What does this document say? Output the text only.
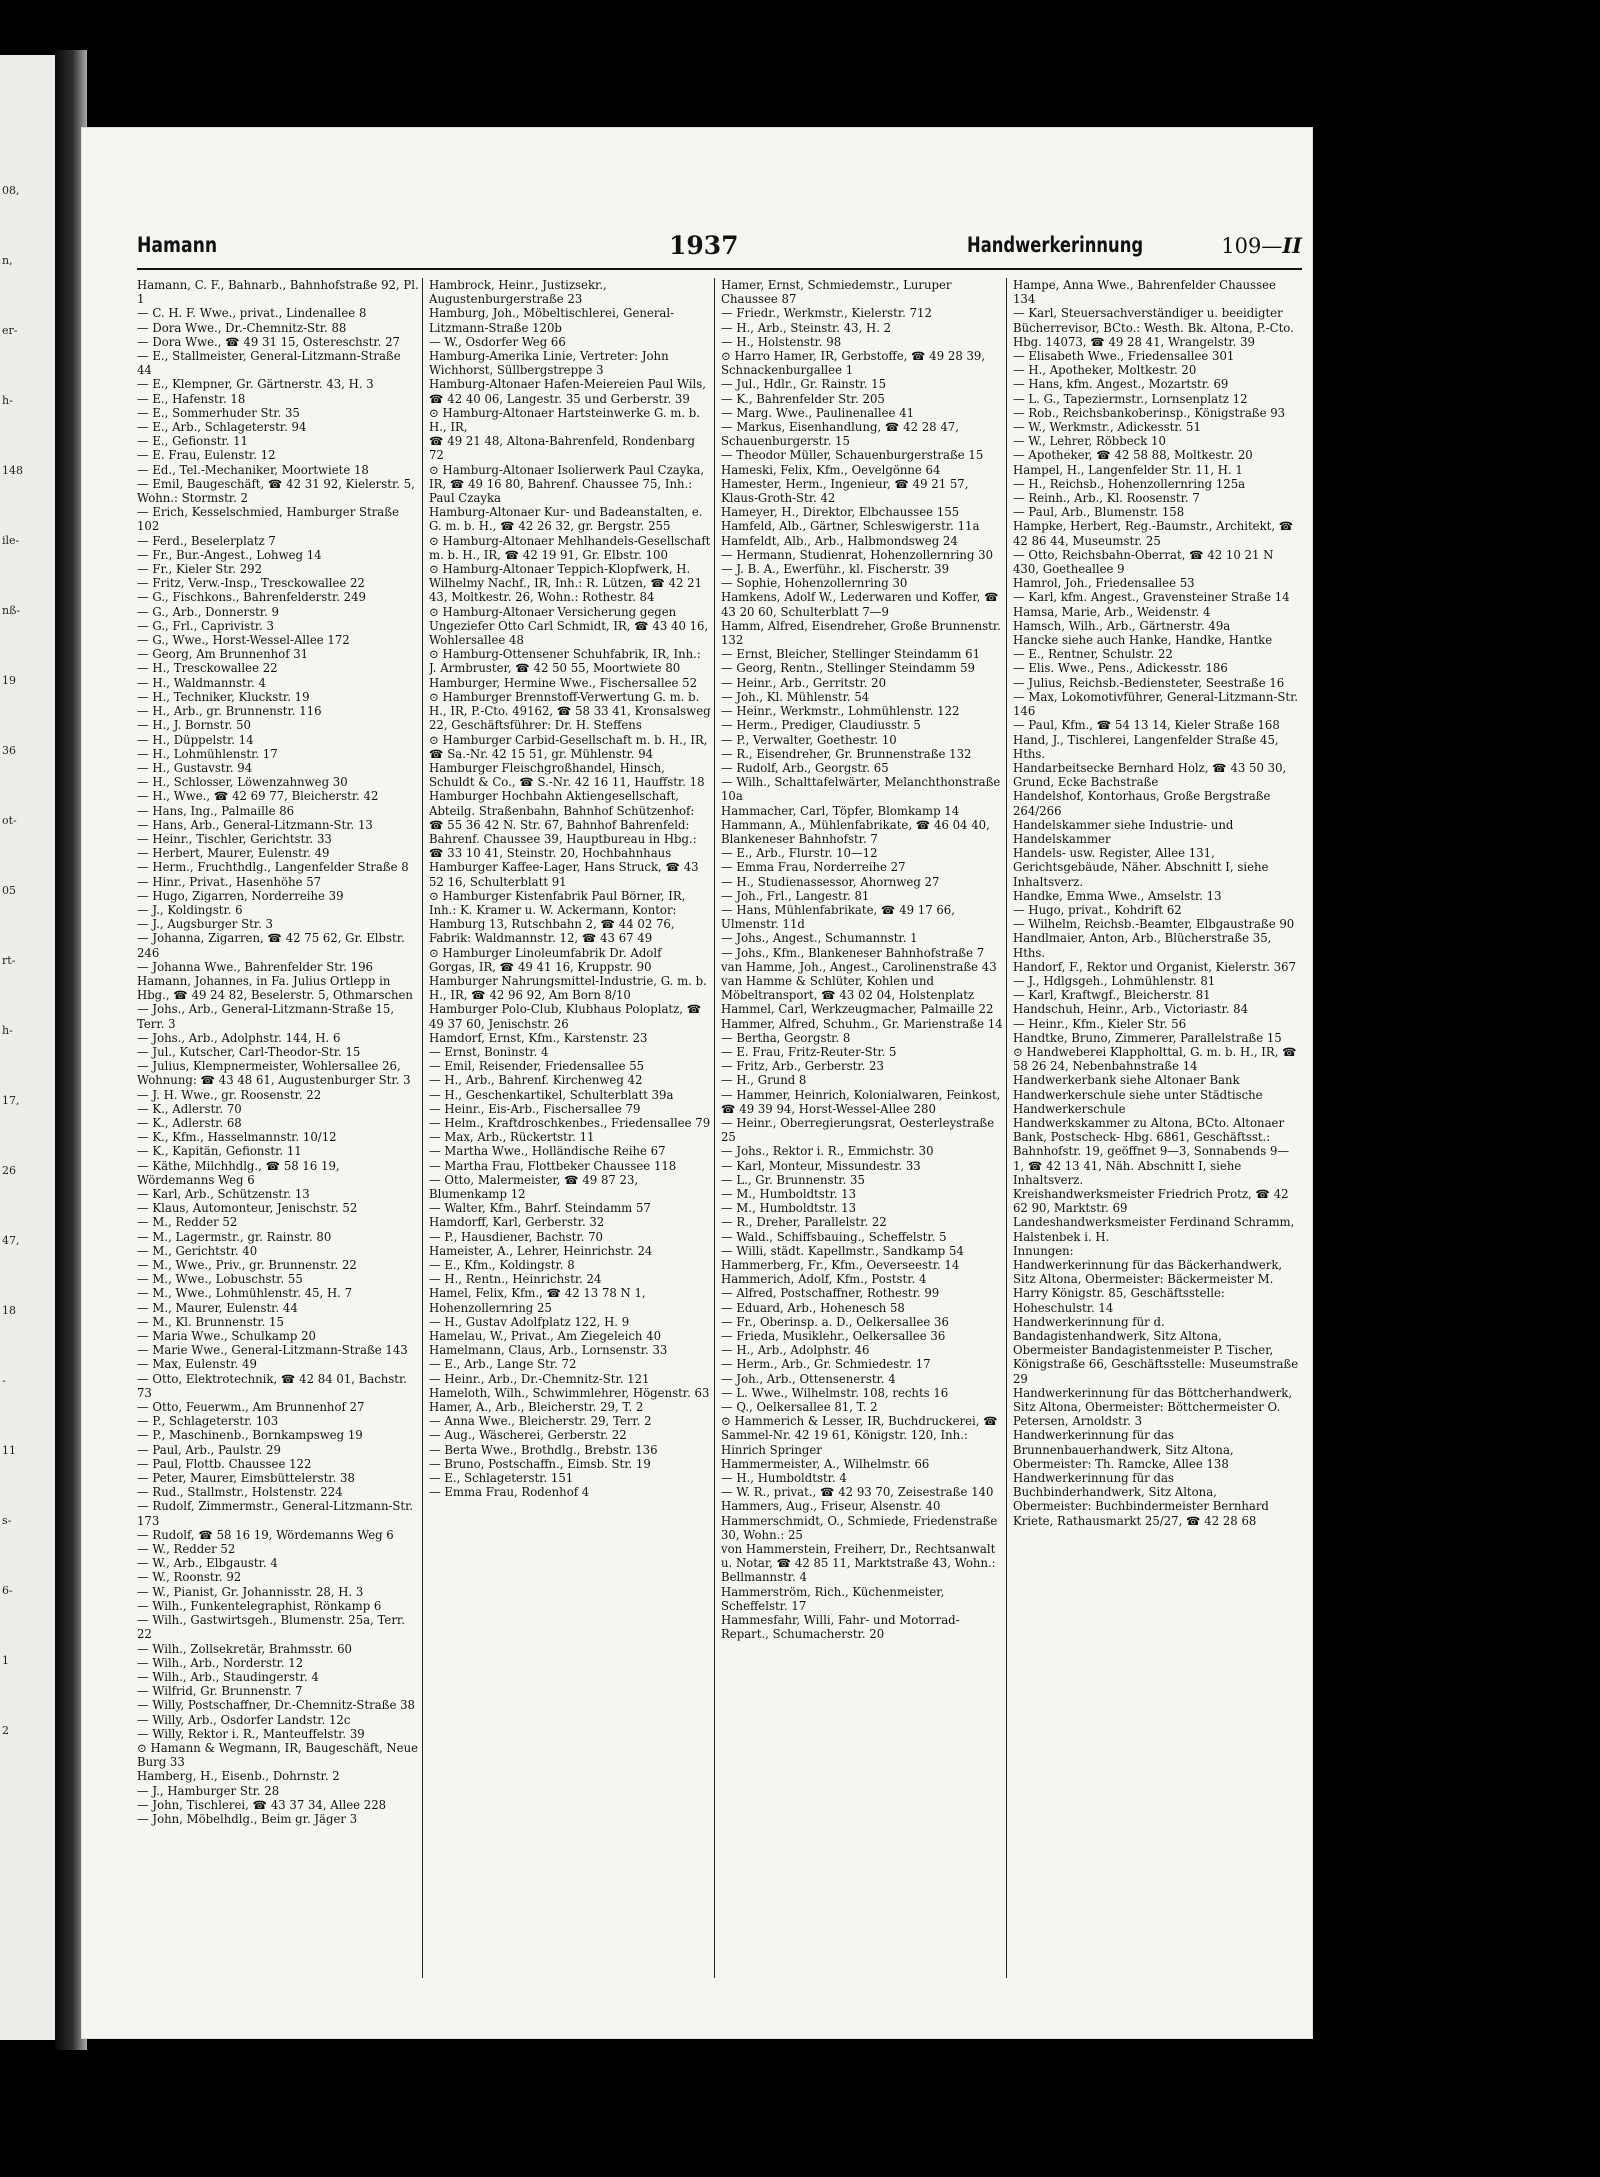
08,
n,
er-
h-
148
ile-
nß-
19
36
ot-
05
rt-
h-
17,
26
47,
18
-
11
s-
6-
1
2
Hamann	1937	Handwerkerinnung	109—II

Hamann, C. F., Bahnarb., Bahnhofstraße 92, Pl. 1

— C. H. F. Wwe., privat., Lindenallee 8

— Dora Wwe., Dr.-Chemnitz-Str. 88

— Dora Wwe., ☎ 49 31 15, Ostereschstr. 27

— E., Stallmeister, General-Litzmann-Straße 44

— E., Klempner, Gr. Gärtnerstr. 43, H. 3

— E., Hafenstr. 18

— E., Sommerhuder Str. 35

— E., Arb., Schlageterstr. 94

— E., Gefionstr. 11

— E. Frau, Eulenstr. 12

— Ed., Tel.-Mechaniker, Moortwiete 18

— Emil, Baugeschäft, ☎ 42 31 92, Kielerstr. 5, Wohn.: Stormstr. 2

— Erich, Kesselschmied, Hamburger Straße 102

— Ferd., Beselerplatz 7

— Fr., Bur.-Angest., Lohweg 14

— Fr., Kieler Str. 292

— Fritz, Verw.-Insp., Tresckowallee 22

— G., Fischkons., Bahrenfelderstr. 249

— G., Arb., Donnerstr. 9

— G., Frl., Caprivistr. 3

— G., Wwe., Horst-Wessel-Allee 172

— Georg, Am Brunnenhof 31

— H., Tresckowallee 22

— H., Waldmannstr. 4

— H., Techniker, Kluckstr. 19

— H., Arb., gr. Brunnenstr. 116

— H., J. Bornstr. 50

— H., Düppelstr. 14

— H., Lohmühlenstr. 17

— H., Gustavstr. 94

— H., Schlosser, Löwenzahnweg 30

— H., Wwe., ☎ 42 69 77, Bleicherstr. 42

— Hans, Ing., Palmaille 86

— Hans, Arb., General-Litzmann-Str. 13

— Heinr., Tischler, Gerichtstr. 33

— Herbert, Maurer, Eulenstr. 49

— Herm., Fruchthdlg., Langenfelder Straße 8

— Hinr., Privat., Hasenhöhe 57

— Hugo, Zigarren, Norderreihe 39

— J., Koldingstr. 6

— J., Augsburger Str. 3

— Johanna, Zigarren, ☎ 42 75 62, Gr. Elbstr. 246

— Johanna Wwe., Bahrenfelder Str. 196

Hamann, Johannes, in Fa. Julius Ortlepp in Hbg., ☎ 49 24 82, Beselerstr. 5, Othmarschen

— Johs., Arb., General-Litzmann-Straße 15, Terr. 3

— Johs., Arb., Adolphstr. 144, H. 6

— Jul., Kutscher, Carl-Theodor-Str. 15

— Julius, Klempnermeister, Wohlersallee 26, Wohnung: ☎ 43 48 61, Augustenburger Str. 3

— J. H. Wwe., gr. Roosenstr. 22

— K., Adlerstr. 70

— K., Adlerstr. 68

— K., Kfm., Hasselmannstr. 10/12

— K., Kapitän, Gefionstr. 11

— Käthe, Milchhdlg., ☎ 58 16 19, Wördemanns Weg 6

— Karl, Arb., Schützenstr. 13

— Klaus, Automonteur, Jenischstr. 52

— M., Redder 52

— M., Lagermstr., gr. Rainstr. 80

— M., Gerichtstr. 40

— M., Wwe., Priv., gr. Brunnenstr. 22

— M., Wwe., Lobuschstr. 55

— M., Wwe., Lohmühlenstr. 45, H. 7

— M., Maurer, Eulenstr. 44

— M., Kl. Brunnenstr. 15

— Maria Wwe., Schulkamp 20

— Marie Wwe., General-Litzmann-Straße 143

— Max, Eulenstr. 49

— Otto, Elektrotechnik, ☎ 42 84 01, Bachstr. 73

— Otto, Feuerwm., Am Brunnenhof 27

— P., Schlageterstr. 103

— P., Maschinenb., Bornkampsweg 19

— Paul, Arb., Paulstr. 29

— Paul, Flottb. Chaussee 122

— Peter, Maurer, Eimsbüttelerstr. 38

— Rud., Stallmstr., Holstenstr. 224

— Rudolf, Zimmermstr., General-Litzmann-Str. 173

— Rudolf, ☎ 58 16 19, Wördemanns Weg 6

— W., Redder 52

— W., Arb., Elbgaustr. 4

— W., Roonstr. 92

— W., Pianist, Gr. Johannisstr. 28, H. 3

— Wilh., Funkentelegraphist, Rönkamp 6

— Wilh., Gastwirtsgeh., Blumenstr. 25a, Terr. 22

— Wilh., Zollsekretär, Brahmsstr. 60

— Wilh., Arb., Norderstr. 12

— Wilh., Arb., Staudingerstr. 4

— Wilfrid, Gr. Brunnenstr. 7

— Willy, Postschaffner, Dr.-Chemnitz-Straße 38

— Willy, Arb., Osdorfer Landstr. 12c

— Willy, Rektor i. R., Manteuffelstr. 39

⊙ Hamann & Wegmann, IR, Baugeschäft, Neue Burg 33

Hamberg, H., Eisenb., Dohrnstr. 2

— J., Hamburger Str. 28

— John, Tischlerei, ☎ 43 37 34, Allee 228

— John, Möbelhdlg., Beim gr. Jäger 3

Hambrock, Heinr., Justizsekr., Augustenburgerstraße 23

Hamburg, Joh., Möbeltischlerei, General-Litzmann-Straße 120b

— W., Osdorfer Weg 66

Hamburg-Amerika Linie, Vertreter: John Wichhorst, Süllbergstreppe 3

Hamburg-Altonaer Hafen-Meiereien Paul Wils, ☎ 42 40 06, Langestr. 35 und Gerberstr. 39

⊙ Hamburg-Altonaer Hartsteinwerke G. m. b. H., IR,

☎ 49 21 48, Altona-Bahrenfeld, Rondenbarg 72

⊙ Hamburg-Altonaer Isolierwerk Paul Czayka, IR, ☎ 49 16 80, Bahrenf. Chaussee 75, Inh.: Paul Czayka

Hamburg-Altonaer Kur- und Badeanstalten, e. G. m. b. H., ☎ 42 26 32, gr. Bergstr. 255

⊙ Hamburg-Altonaer Mehlhandels-Gesellschaft m. b. H., IR, ☎ 42 19 91, Gr. Elbstr. 100

⊙ Hamburg-Altonaer Teppich-Klopfwerk, H. Wilhelmy Nachf., IR, Inh.: R. Lützen, ☎ 42 21 43, Moltkestr. 26, Wohn.: Rothestr. 84

⊙ Hamburg-Altonaer Versicherung gegen Ungeziefer Otto Carl Schmidt, IR, ☎ 43 40 16, Wohlersallee 48

⊙ Hamburg-Ottensener Schuhfabrik, IR, Inh.: J. Armbruster, ☎ 42 50 55, Moortwiete 80

Hamburger, Hermine Wwe., Fischersallee 52

⊙ Hamburger Brennstoff-Verwertung G. m. b. H., IR, P.-Cto. 49162, ☎ 58 33 41, Kronsalsweg 22, Geschäftsführer: Dr. H. Steffens

⊙ Hamburger Carbid-Gesellschaft m. b. H., IR, ☎ Sa.-Nr. 42 15 51, gr. Mühlenstr. 94

Hamburger Fleischgroßhandel, Hinsch, Schuldt & Co., ☎ S.-Nr. 42 16 11, Hauffstr. 18

Hamburger Hochbahn Aktiengesellschaft, Abteilg. Straßenbahn, Bahnhof Schützenhof: ☎ 55 36 42 N. Str. 67, Bahnhof Bahrenfeld: Bahrenf. Chaussee 39, Hauptbureau in Hbg.: ☎ 33 10 41, Steinstr. 20, Hochbahnhaus

Hamburger Kaffee-Lager, Hans Struck, ☎ 43 52 16, Schulterblatt 91

⊙ Hamburger Kistenfabrik Paul Börner, IR, Inh.: K. Kramer u. W. Ackermann, Kontor: Hamburg 13, Rutschbahn 2, ☎ 44 02 76, Fabrik: Waldmannstr. 12, ☎ 43 67 49

⊙ Hamburger Linoleumfabrik Dr. Adolf Gorgas, IR, ☎ 49 41 16, Kruppstr. 90

Hamburger Nahrungsmittel-Industrie, G. m. b. H., IR, ☎ 42 96 92, Am Born 8/10

Hamburger Polo-Club, Klubhaus Poloplatz, ☎ 49 37 60, Jenischstr. 26

Hamdorf, Ernst, Kfm., Karstenstr. 23

— Ernst, Boninstr. 4

— Emil, Reisender, Friedensallee 55

— H., Arb., Bahrenf. Kirchenweg 42

— H., Geschenkartikel, Schulterblatt 39a

— Heinr., Eis-Arb., Fischersallee 79

— Helm., Kraftdroschkenbes., Friedensallee 79

— Max, Arb., Rückertstr. 11

— Martha Wwe., Holländische Reihe 67

— Martha Frau, Flottbeker Chaussee 118

— Otto, Malermeister, ☎ 49 87 23, Blumenkamp 12

— Walter, Kfm., Bahrf. Steindamm 57

Hamdorff, Karl, Gerberstr. 32

— P., Hausdiener, Bachstr. 70

Hameister, A., Lehrer, Heinrichstr. 24

— E., Kfm., Koldingstr. 8

— H., Rentn., Heinrichstr. 24

Hamel, Felix, Kfm., ☎ 42 13 78 N 1, Hohenzollernring 25

— H., Gustav Adolfplatz 122, H. 9

Hamelau, W., Privat., Am Ziegeleich 40

Hamelmann, Claus, Arb., Lornsenstr. 33

— E., Arb., Lange Str. 72

— Heinr., Arb., Dr.-Chemnitz-Str. 121

Hameloth, Wilh., Schwimmlehrer, Högenstr. 63

Hamer, A., Arb., Bleicherstr. 29, T. 2

— Anna Wwe., Bleicherstr. 29, Terr. 2

— Aug., Wäscherei, Gerberstr. 22

— Berta Wwe., Brothdlg., Brebstr. 136

— Bruno, Postschaffn., Eimsb. Str. 19

— E., Schlageterstr. 151

— Emma Frau, Rodenhof 4

Hamer, Ernst, Schmiedemstr., Luruper Chaussee 87

— Friedr., Werkmstr., Kielerstr. 712

— H., Arb., Steinstr. 43, H. 2

— H., Holstenstr. 98

⊙ Harro Hamer, IR, Gerbstoffe, ☎ 49 28 39, Schnackenburgallee 1

— Jul., Hdlr., Gr. Rainstr. 15

— K., Bahrenfelder Str. 205

— Marg. Wwe., Paulinenallee 41

— Markus, Eisenhandlung, ☎ 42 28 47, Schauenburgerstr. 15

— Theodor Müller, Schauenburgerstraße 15

Hameski, Felix, Kfm., Oevelgönne 64

Hamester, Herm., Ingenieur, ☎ 49 21 57, Klaus-Groth-Str. 42

Hameyer, H., Direktor, Elbchaussee 155

Hamfeld, Alb., Gärtner, Schleswigerstr. 11a

Hamfeldt, Alb., Arb., Halbmondsweg 24

— Hermann, Studienrat, Hohenzollernring 30

— J. B. A., Ewerführ., kl. Fischerstr. 39

— Sophie, Hohenzollernring 30

Hamkens, Adolf W., Lederwaren und Koffer, ☎ 43 20 60, Schulterblatt 7—9

Hamm, Alfred, Eisendreher, Große Brunnenstr. 132

— Ernst, Bleicher, Stellinger Steindamm 61

— Georg, Rentn., Stellinger Steindamm 59

— Heinr., Arb., Gerritstr. 20

— Joh., Kl. Mühlenstr. 54

— Heinr., Werkmstr., Lohmühlenstr. 122

— Herm., Prediger, Claudiusstr. 5

— P., Verwalter, Goethestr. 10

— R., Eisendreher, Gr. Brunnenstraße 132

— Rudolf, Arb., Georgstr. 65

— Wilh., Schalttafelwärter, Melanchthonstraße 10a

Hammacher, Carl, Töpfer, Blomkamp 14

Hammann, A., Mühlenfabrikate, ☎ 46 04 40, Blankeneser Bahnhofstr. 7

— E., Arb., Flurstr. 10—12

— Emma Frau, Norderreihe 27

— H., Studienassessor, Ahornweg 27

— Joh., Frl., Langestr. 81

— Hans, Mühlenfabrikate, ☎ 49 17 66, Ulmenstr. 11d

— Johs., Angest., Schumannstr. 1

— Johs., Kfm., Blankeneser Bahnhofstraße 7

van Hamme, Joh., Angest., Carolinenstraße 43

van Hamme & Schlüter, Kohlen und Möbeltransport, ☎ 43 02 04, Holstenplatz

Hammel, Carl, Werkzeugmacher, Palmaille 22

Hammer, Alfred, Schuhm., Gr. Marienstraße 14

— Bertha, Georgstr. 8

— E. Frau, Fritz-Reuter-Str. 5

— Fritz, Arb., Gerberstr. 23

— H., Grund 8

— Hammer, Heinrich, Kolonialwaren, Feinkost, ☎ 49 39 94, Horst-Wessel-Allee 280

— Heinr., Oberregierungsrat, Oesterleystraße 25

— Johs., Rektor i. R., Emmichstr. 30

— Karl, Monteur, Missundestr. 33

— L., Gr. Brunnenstr. 35

— M., Humboldtstr. 13

— M., Humboldtstr. 13

— R., Dreher, Parallelstr. 22

— Wald., Schiffsbauing., Scheffelstr. 5

— Willi, städt. Kapellmstr., Sandkamp 54

Hammerberg, Fr., Kfm., Oeverseestr. 14

Hammerich, Adolf, Kfm., Poststr. 4

— Alfred, Postschaffner, Rothestr. 99

— Eduard, Arb., Hohenesch 58

— Fr., Oberinsp. a. D., Oelkersallee 36

— Frieda, Musiklehr., Oelkersallee 36

— H., Arb., Adolphstr. 46

— Herm., Arb., Gr. Schmiedestr. 17

— Joh., Arb., Ottensenerstr. 4

— L. Wwe., Wilhelmstr. 108, rechts 16

— Q., Oelkersallee 81, T. 2

⊙ Hammerich & Lesser, IR, Buchdruckerei, ☎ Sammel-Nr. 42 19 61, Königstr. 120, Inh.: Hinrich Springer

Hammermeister, A., Wilhelmstr. 66

— H., Humboldtstr. 4

— W. R., privat., ☎ 42 93 70, Zeisestraße 140

Hammers, Aug., Friseur, Alsenstr. 40

Hammerschmidt, O., Schmiede, Friedenstraße 30, Wohn.: 25

von Hammerstein, Freiherr, Dr., Rechtsanwalt u. Notar, ☎ 42 85 11, Marktstraße 43, Wohn.: Bellmannstr. 4

Hammerström, Rich., Küchenmeister, Scheffelstr. 17

Hammesfahr, Willi, Fahr- und Motorrad-Repart., Schumacherstr. 20

Hampe, Anna Wwe., Bahrenfelder Chaussee 134

— Karl, Steuersachverständiger u. beeidigter Bücherrevisor, BCto.: Westh. Bk. Altona, P.-Cto. Hbg. 14073, ☎ 49 28 41, Wrangelstr. 39

— Elisabeth Wwe., Friedensallee 301

— H., Apotheker, Moltkestr. 20

— Hans, kfm. Angest., Mozartstr. 69

— L. G., Tapeziermstr., Lornsenplatz 12

— Rob., Reichsbankoberinsp., Königstraße 93

— W., Werkmstr., Adickesstr. 51

— W., Lehrer, Röbbeck 10

— Apotheker, ☎ 42 58 88, Moltkestr. 20

Hampel, H., Langenfelder Str. 11, H. 1

— H., Reichsb., Hohenzollernring 125a

— Reinh., Arb., Kl. Roosenstr. 7

— Paul, Arb., Blumenstr. 158

Hampke, Herbert, Reg.-Baumstr., Architekt, ☎ 42 86 44, Museumstr. 25

— Otto, Reichsbahn-Oberrat, ☎ 42 10 21 N 430, Goetheallee 9

Hamrol, Joh., Friedensallee 53

— Karl, kfm. Angest., Gravensteiner Straße 14

Hamsa, Marie, Arb., Weidenstr. 4

Hamsch, Wilh., Arb., Gärtnerstr. 49a

Hancke siehe auch Hanke, Handke, Hantke

— E., Rentner, Schulstr. 22

— Elis. Wwe., Pens., Adickesstr. 186

— Julius, Reichsb.-Bediensteter, Seestraße 16

— Max, Lokomotivführer, General-Litzmann-Str. 146

— Paul, Kfm., ☎ 54 13 14, Kieler Straße 168

Hand, J., Tischlerei, Langenfelder Straße 45, Hths.

Handarbeitsecke Bernhard Holz, ☎ 43 50 30, Grund, Ecke Bachstraße

Handelshof, Kontorhaus, Große Bergstraße 264/266

Handelskammer siehe Industrie- und Handelskammer

Handels- usw. Register, Allee 131, Gerichtsgebäude, Näher. Abschnitt I, siehe Inhaltsverz.

Handke, Emma Wwe., Amselstr. 13

— Hugo, privat., Kohdrift 62

— Wilhelm, Reichsb.-Beamter, Elbgaustraße 90

Handlmaier, Anton, Arb., Blücherstraße 35, Hths.

Handorf, F., Rektor und Organist, Kielerstr. 367

— J., Hdlgsgeh., Lohmühlenstr. 81

— Karl, Kraftwgf., Bleicherstr. 81

Handschuh, Heinr., Arb., Victoriastr. 84

— Heinr., Kfm., Kieler Str. 56

Handtke, Bruno, Zimmerer, Parallelstraße 15

⊙ Handweberei Klappholttal, G. m. b. H., IR, ☎ 58 26 24, Nebenbahnstraße 14

Handwerkerbank siehe Altonaer Bank

Handwerkerschule siehe unter Städtische Handwerkerschule

Handwerkskammer zu Altona, BCto. Altonaer Bank, Postscheck- Hbg. 6861, Geschäftsst.: Bahnhofstr. 19, geöffnet 9—3, Sonnabends 9—1, ☎ 42 13 41, Näh. Abschnitt I, siehe Inhaltsverz.

Kreishandwerksmeister Friedrich Protz, ☎ 42 62 90, Marktstr. 69

Landeshandwerksmeister Ferdinand Schramm, Halstenbek i. H.

Innungen:

Handwerkerinnung für das Bäckerhandwerk, Sitz Altona, Obermeister: Bäckermeister M. Harry Königstr. 85, Geschäftsstelle: Hoheschulstr. 14

Handwerkerinnung für d. Bandagistenhandwerk, Sitz Altona, Obermeister Bandagistenmeister P. Tischer, Königstraße 66, Geschäftsstelle: Museumstraße 29

Handwerkerinnung für das Böttcherhandwerk, Sitz Altona, Obermeister: Böttchermeister O. Petersen, Arnoldstr. 3

Handwerkerinnung für das Brunnenbauerhandwerk, Sitz Altona, Obermeister: Th. Ramcke, Allee 138

Handwerkerinnung für das Buchbinderhandwerk, Sitz Altona, Obermeister: Buchbindermeister Bernhard Kriete, Rathausmarkt 25/27, ☎ 42 28 68
